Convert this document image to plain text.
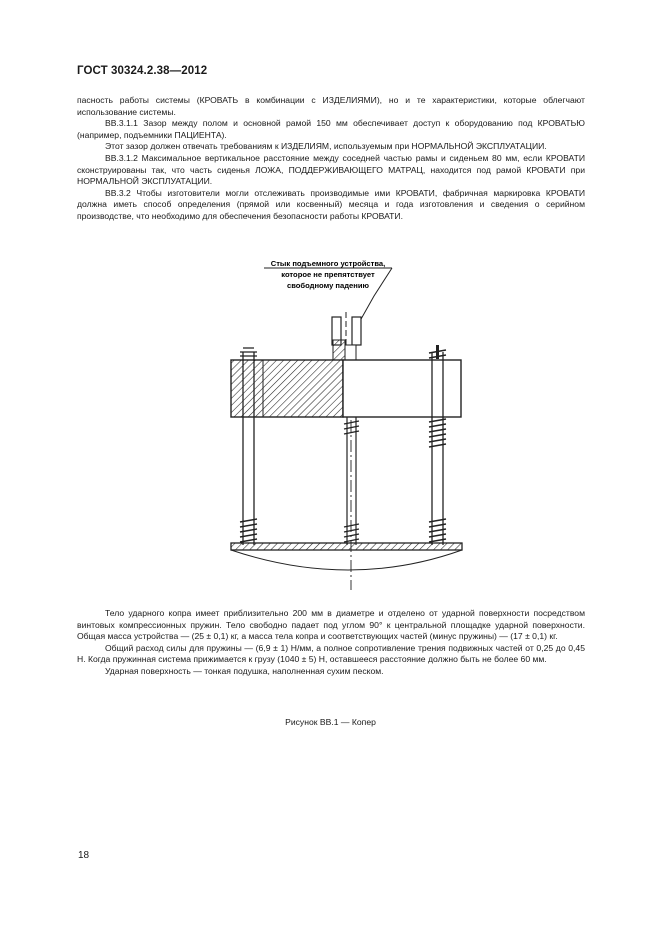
ГОСТ 30324.2.38—2012

пасность работы системы (КРОВАТЬ в комбинации с ИЗДЕЛИЯМИ), но и те характеристики, которые облегчают использование системы.

ВВ.3.1.1 Зазор между полом и основной рамой 150 мм обеспечивает доступ к оборудованию под КРОВАТЬЮ (например, подъемники ПАЦИЕНТА).

Этот зазор должен отвечать требованиям к ИЗДЕЛИЯМ, используемым при НОРМАЛЬНОЙ ЭКСПЛУАТАЦИИ.

ВВ.3.1.2 Максимальное вертикальное расстояние между соседней частью рамы и сиденьем 80 мм, если КРОВАТИ сконструированы так, что часть сиденья ЛОЖА, ПОДДЕРЖИВАЮЩЕГО МАТРАЦ, находится под рамой КРОВАТИ при НОРМАЛЬНОЙ ЭКСПЛУАТАЦИИ.

ВВ.3.2 Чтобы изготовители могли отслеживать производимые ими КРОВАТИ, фабричная маркировка КРОВАТИ должна иметь способ определения (прямой или косвенный) месяца и года изготовления и сведения о серийном производстве, что необходимо для обеспечения безопасности работы КРОВАТИ.

Стык подъемного устройства,
которое не препятствует
свободному падению

Тело ударного копра имеет приблизительно 200 мм в диаметре и отделено от ударной поверхности посредством винтовых компрессионных пружин. Тело свободно падает под углом 90° к центральной площадке ударной поверхности. Общая масса устройства — (25 ± 0,1) кг, а масса тела копра и соответствующих частей (минус пружины) — (17 ± 0,1) кг.

Общий расход силы для пружины — (6,9 ± 1) Н/мм, а полное сопротивление трения подвижных частей от 0,25 до 0,45 Н. Когда пружинная система прижимается к грузу (1040 ± 5) Н, оставшееся расстояние должно быть не более 60 мм.

Ударная поверхность — тонкая подушка, наполненная сухим песком.

Рисунок ВВ.1 — Копер
18
